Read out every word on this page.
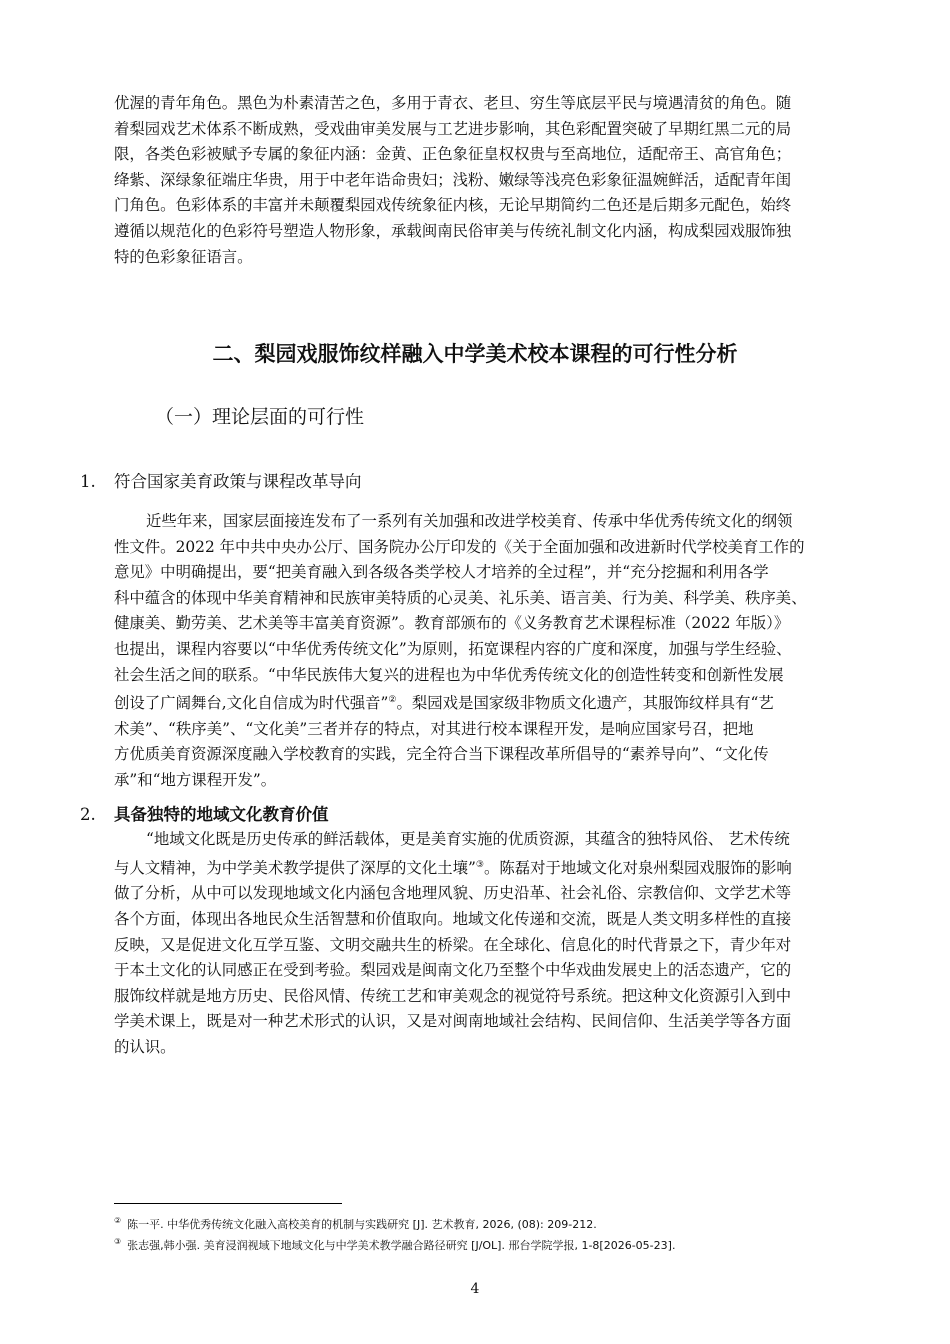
优渥的青年角色。黑色为朴素清苦之色，多用于青衣、老旦、穷生等底层平民与境遇清贫的角色。随
着梨园戏艺术体系不断成熟，受戏曲审美发展与工艺进步影响，其色彩配置突破了早期红黑二元的局
限，各类色彩被赋予专属的象征内涵：金黄、正色象征皇权权贵与至高地位，适配帝王、高官角色；
绛紫、深绿象征端庄华贵，用于中老年诰命贵妇；浅粉、嫩绿等浅亮色彩象征温婉鲜活，适配青年闺
门角色。色彩体系的丰富并未颠覆梨园戏传统象征内核，无论早期简约二色还是后期多元配色，始终
遵循以规范化的色彩符号塑造人物形象，承载闽南民俗审美与传统礼制文化内涵，构成梨园戏服饰独
特的色彩象征语言。
二、梨园戏服饰纹样融入中学美术校本课程的可行性分析
（一）理论层面的可行性
1. 符合国家美育政策与课程改革导向
近些年来，国家层面接连发布了一系列有关加强和改进学校美育、传承中华优秀传统文化的纲领
性文件。2022 年中共中央办公厅、国务院办公厅印发的《关于全面加强和改进新时代学校美育工作的
意见》中明确提出，要“把美育融入到各级各类学校人才培养的全过程”，并“充分挖掘和利用各学
科中蕴含的体现中华美育精神和民族审美特质的心灵美、礼乐美、语言美、行为美、科学美、秩序美、
健康美、勤劳美、艺术美等丰富美育资源”。教育部颁布的《义务教育艺术课程标准（2022 年版）》
也提出，课程内容要以“中华优秀传统文化”为原则，拓宽课程内容的广度和深度，加强与学生经验、
社会生活之间的联系。“中华民族伟大复兴的进程也为中华优秀传统文化的创造性转变和创新性发展
创设了广阔舞台,文化自信成为时代强音”②。梨园戏是国家级非物质文化遗产，其服饰纹样具有“艺
术美”、“秩序美”、“文化美”三者并存的特点，对其进行校本课程开发，是响应国家号召，把地
方优质美育资源深度融入学校教育的实践，完全符合当下课程改革所倡导的“素养导向”、“文化传
承”和“地方课程开发”。
2. 具备独特的地域文化教育价值
“地域文化既是历史传承的鲜活载体，更是美育实施的优质资源，其蕴含的独特风俗、 艺术传统
与人文精神，为中学美术教学提供了深厚的文化土壤”③。陈磊对于地域文化对泉州梨园戏服饰的影响
做了分析，从中可以发现地域文化内涵包含地理风貌、历史沿革、社会礼俗、宗教信仰、文学艺术等
各个方面，体现出各地民众生活智慧和价值取向。地域文化传递和交流，既是人类文明多样性的直接
反映，又是促进文化互学互鉴、文明交融共生的桥梁。在全球化、信息化的时代背景之下，青少年对
于本土文化的认同感正在受到考验。梨园戏是闽南文化乃至整个中华戏曲发展史上的活态遗产，它的
服饰纹样就是地方历史、民俗风情、传统工艺和审美观念的视觉符号系统。把这种文化资源引入到中
学美术课上，既是对一种艺术形式的认识，又是对闽南地域社会结构、民间信仰、生活美学等各方面
的认识。
② 陈一平. 中华优秀传统文化融入高校美育的机制与实践研究 [J]. 艺术教育, 2026, (08): 209-212.
③ 张志强,韩小强. 美育浸润视域下地域文化与中学美术教学融合路径研究 [J/OL]. 邢台学院学报, 1-8[2026-05-23].
4
